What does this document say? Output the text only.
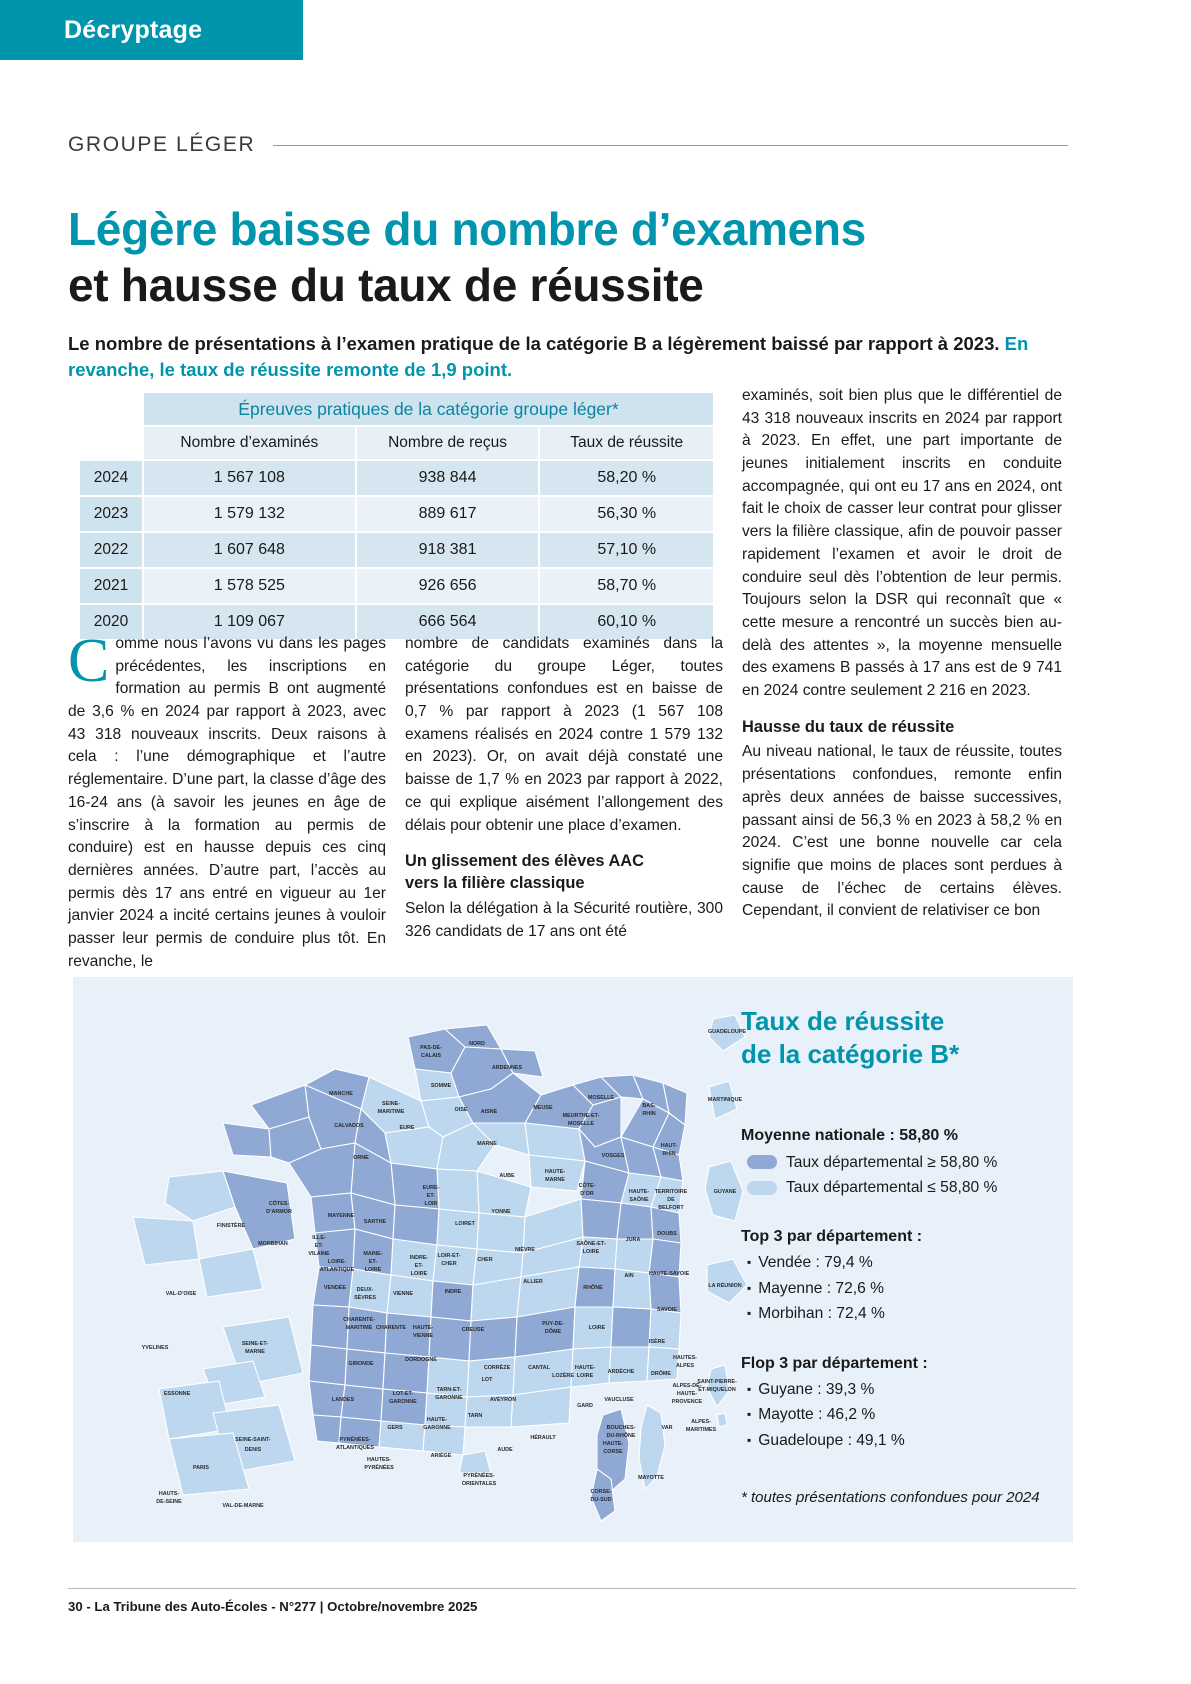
Décryptage
GROUPE LÉGER
Légère baisse du nombre d’examens
et hausse du taux de réussite

Le nombre de présentations à l’examen pratique de la catégorie B a légèrement baissé par rapport à 2023. En revanche, le taux de réussite remonte de 1,9 point.

	Épreuves pratiques de la catégorie groupe léger*		
	Nombre d’examinés	Nombre de reçus	Taux de réussite
2024	1 567 108	938 844	58,20 %
2023	1 579 132	889 617	56,30 %
2022	1 607 648	918 381	57,10 %
2021	1 578 525	926 656	58,70 %
2020	1 109 067	666 564	60,10 %

Comme nous l’avons vu dans les pages précédentes, les inscriptions en formation au permis B ont augmenté de 3,6 % en 2024 par rapport à 2023, avec 43 318 nouveaux inscrits. Deux raisons à cela : l’une démographique et l’autre réglementaire. D’une part, la classe d’âge des 16-24 ans (à savoir les jeunes en âge de s’inscrire à la formation au permis de conduire) est en hausse depuis ces cinq dernières années. D’autre part, l’accès au permis dès 17 ans entré en vigueur au 1er janvier 2024 a incité certains jeunes à vouloir passer leur permis de conduire plus tôt. En revanche, le

nombre de candidats examinés dans la catégorie du groupe Léger, toutes présentations confondues est en baisse de 0,7 % par rapport à 2023 (1 567 108 examens réalisés en 2024 contre 1 579 132 en 2023). Or, on avait déjà constaté une baisse de 1,7 % en 2023 par rapport à 2022, ce qui explique aisément l’allongement des délais pour obtenir une place d’examen.

Un glissement des élèves AAC
vers la filière classique

Selon la délégation à la Sécurité routière, 300 326 candidats de 17 ans ont été

examinés, soit bien plus que le différentiel de 43 318 nouveaux inscrits en 2024 par rapport à 2023. En effet, une part importante de jeunes initialement inscrits en conduite accompagnée, qui ont eu 17 ans en 2024, ont fait le choix de casser leur contrat pour glisser vers la filière classique, afin de pouvoir passer rapidement l’examen et avoir le droit de conduire seul dès l’obtention de leur permis. Toujours selon la DSR qui reconnaît que « cette mesure a rencontré un succès bien au-delà des attentes », la moyenne mensuelle des examens B passés à 17 ans est de 9 741 en 2024 contre seulement 2 216 en 2023.

Hausse du taux de réussite

Au niveau national, le taux de réussite, toutes présentations confondues, remonte enfin après deux années de baisse successives, passant ainsi de 56,3 % en 2023 à 58,2 % en 2024. C’est une bonne nouvelle car cela signifie que moins de places sont perdues à cause de l’échec de certains élèves. Cependant, il convient de relativiser ce bon

PAS-DE-
CALAIS
NORD
SOMME
SEINE-
MARITIME
ARDENNES
AISNE
OISE
EURE
MANCHE
CALVADOS
ORNE
MARNE
MEUSE
MOSELLE
MEURTHE-ET-
MOSELLE
BAS-
RHIN
HAUT-
RHIN
VOSGES
AUBE
HAUTE-
MARNE
CÔTE-
D’OR	HAUTE-
SAÔNE
TERRITOIRE
DE
BELFORT
DOUBS
JURA
YONNE
NIÈVRE
SAÔNE-ET-
LOIRE
AIN	HAUTE-SAVOIE
SAVOIE
ISÈRE
RHÔNE
LOIRE
ALLIER
CHER
INDRE
CREUSE
PUY-DE-
DÔME
CORRÈZE	CANTAL	HAUTE-
LOIRE
ARDÈCHE	DRÔME
HAUTES-
ALPES
ALPES-DE-
HAUTE-
PROVENCE
ALPES-
MARITIMES
VAR
BOUCHES-
DU-RHÔNE
VAUCLUSE
GARD
LOZÈRE
AVEYRON
HÉRAULT
AUDE
PYRÉNÉES-
ORIENTALES
ARIÈGE
HAUTE-
GARONNE
TARN
TARN-ET-
GARONNE
LOT
LOT-ET-
GARONNE
GERS
HAUTES-
PYRÉNÉES
PYRÉNÉES-
ATLANTIQUES
LANDES
GIRONDE
DORDOGNE
CHARENTE
CHARENTE-
MARITIME
DEUX-
SÈVRES
VIENNE
HAUTE-
VIENNE
VENDÉE
LOIRE-
ATLANTIQUE
MAINE-
ET-
LOIRE
INDRE-
ET-
LOIRE
LOIR-ET-
CHER
LOIRET
EURE-
ET-
LOIR
SARTHE
MAYENNE
ILLE-
ET-
VILAINE
MORBIHAN
CÔTES-
D’ARMOR
FINISTÈRE
VAL-D’OISE
YVELINES
ESSONNE
SEINE-ET-
MARNE
SEINE-SAINT-
DENIS
PARIS
HAUTS-
DE-SEINE
VAL-DE-MARNE
GUADELOUPE
MARTINIQUE
GUYANE
LA RÉUNION
SAINT-PIERRE-
ET-MIQUELON
HAUTE-
CORSE
CORSE-
DU-SUD
MAYOTTE
Taux de réussite
de la catégorie B*
Moyenne nationale : 58,80 %
Taux départemental ≥ 58,80 %
Taux départemental ≤ 58,80 %
Top 3 par département :
▪ Vendée : 79,4 %
▪ Mayenne : 72,6 %
▪ Morbihan : 72,4 %
Flop 3 par département :
▪ Guyane : 39,3 %
▪ Mayotte : 46,2 %
▪ Guadeloupe : 49,1 %
* toutes présentations confondues pour 2024
30 - La Tribune des Auto-Écoles - N°277 | Octobre/novembre 2025
